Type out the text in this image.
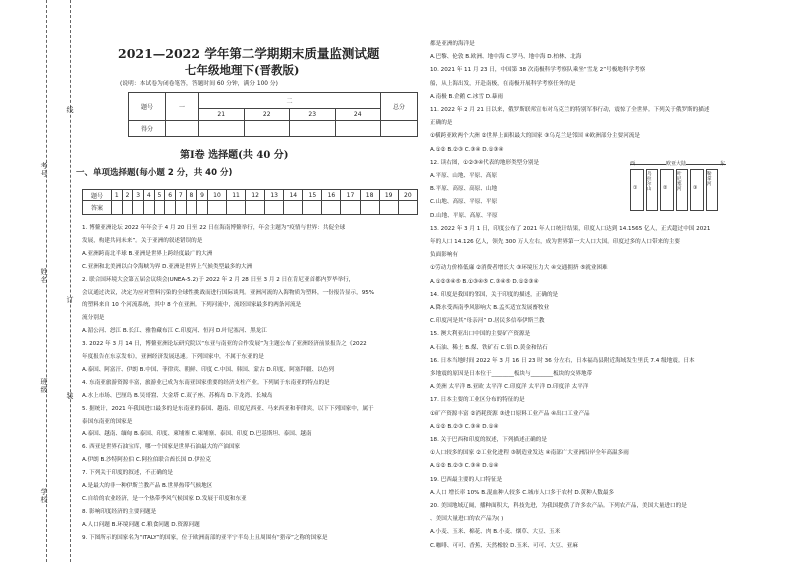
考号
姓名
班级
学校
线
订
装
2021—2022 学年第二学期期末质量监测试题
七年级地理下(晋教版)
(说明：本试卷为闭卷笔答，答题时间 60 分钟，满分 100 分)
题号	一	二				总分
		21	22	23	24	
得分						
第Ⅰ卷 选择题(共 40 分)
一、单项选择题(每小题 2 分，共 40 分)
题号	1	2	3	4	5	6	7	8	9	10	11	12	13	14	15	16	17	18	19	20
答案																				
1. 博鳌亚洲论坛 2022 年年会于 4 月 20 日至 22 日在海南博鳌举行，年会主题为“疫情与世界：共促全球
发展，构建共同未来”。关于亚洲的叙述错误的是
A.亚洲跨南北半球 B.亚洲是世界上跨经度最广的大洲
C.亚洲和北美洲以白令海峡为界 D.亚洲是世界上气候类型最多的大洲
2. 联合国环境大会第五届会议续会(UNEA-5.2)于 2022 年 2 月 28 日至 3 月 2 日在肯尼亚首都内罗毕举行，
会议通过决议，决定为应对塑料污染的全球性挑战而进行国际谈判。亚洲河流的入海物质为塑料，一份报告显示，95%
的塑料来自 10 个河流系统，其中 8 个在亚洲。下列河流中，流经国家最多的两条河流是
流分别是
A.湄公河、怒江 B.长江、雅鲁藏布江 C.印度河、恒河 D.叶尼塞河、黑龙江
3. 2022 年 3 月 14 日，博鳌亚洲论坛研究院以“东亚与南亚的合作发展”为主题公布了亚洲经济前景报告之《2022
年度报告在东京发布》，亚洲经济发展迅速。下列国家中，不属于东亚的是
A.泰国、阿富汗、伊朗 B.中国、菲律宾、朝鲜、印度 C.中国、韩国、蒙古 D.印度、阿塞拜疆、以色列
4. 东南亚旅游资源丰富，旅游业已成为东南亚国家重要的经济支柱产业。下列属于东南亚的特点的是
A.水上市场、巴厘岛 B.吴哥窟、大金塔 C.双子座、苏梅岛 D.下龙湾、长城岛
5. 据统计，2021 年我国进口最多的是东南亚的泰国、越南、印度尼西亚、马来西亚和菲律宾，以下下列国家中，属于
泰国东南亚的国家是
A.泰国、越南、缅甸 B.泰国、印度、柬埔寨 C.柬埔寨、泰国、印度 D.巴基斯坦、泰国、越南
6. 西亚是世界石油宝库，哪一个国家是世界石油最大的产油国家
A.伊朗 B.沙特阿拉伯 C.阿拉伯联合酋长国 D.伊拉克
7. 下列关于印度的叙述，不正确的是
A.是最大的非一种伊斯兰教产品 B.世界热带气候地区
C.自给的农业经济，是一个热带季风气候国家 D.发展于印度和东亚
8. 影响印度经济的主要问题是
A.人口问题 B.环境问题 C.粮食问题 D.资源问题
9. 下图所示的国家名为“ITALY”的国家，位于欧洲南部的亚平宁半岛上且周围有“猎帝”之称的国家是
都是亚洲的海洋是
A.巴黎、伦敦 B.欧洲、地中海 C.罗马、地中海 D.柏林、北海
10. 2021 年 11 月 23 日，中国第 38 次南极科学考察队乘坐“雪龙 2”号极地科学考察
船，从上海出发，开赴南极，在南极开展科学考察任务的是
A.南极 B.企鹅 C.冰雪 D.暴雨
11. 2022 年 2 月 21 日以来，俄罗斯联邦宣布对乌克兰的特别军事行动，震惊了全世界。下列关于俄罗斯的描述
正确的是
①横跨亚欧两个大洲 ②世界上面积最大的国家 ③乌克兰是邻国 ④欧洲部分主要河流是
A.①② B.②③ C.③④ D.①③④
12. 读右图，①②③④代表的地形类型分别是
A.平原、山地、平原、高原
B.平原、高原、高原、山地
C.山地、高原、平原、平原
D.山地、平原、高原、平原
13. 2022 年 3 月 1 日，印度公布了 2021 年人口统计结果，印度人口达到 14.1565 亿人，正式超过中国 2021
年的人口 14.126 亿人，领先 300 万人左右，成为世界第一大人口大国。印度过多的人口带来的主要
负面影响有
①劳动力价格低廉 ②消费者增长大 ③环境压力大 ④交通拥挤 ⑤就业困难
A.①②③④⑤ B.①③④⑤ C.③④⑤ D.①②③④
14. 印度是我国的邻国，关于印度的描述，正确的是
A.降水受西南季风影响大 B.孟买适宜发展畜牧业
C.印度河是其“母亲河” D.居民多信奉伊斯兰教
15. 澳大利亚出口中国的主要矿产资源是
A.石油、稀土 B.煤、铁矿石 C.铝 D.黄金和钻石
16. 日本当地时间 2022 年 3 月 16 日 23 时 36 分左右，日本福岛县附近海域发生里氏 7.4 级地震。日本
多地震的原因是日本位于________板块与________板块的交界地带
A.美洲 太平洋 B.亚欧 太平洋 C.印度洋 太平洋 D.印度洋 太平洋
17. 日本主要的工业区分布的特征的是
①矿产资源丰富 ②消耗资源 ③进口原料工业产品 ④出口工业产品
A.①② B.②③ C.③④ D.①④
18. 关于巴西和印度的叙述，下列描述正确的是
①人口较多的国家 ②工业化进程 ③制造业发达 ④南部广大亚洲沿岸全年高温多雨
A.①② B.②③ C.③④ D.①④
19. 巴西最主要的人口特征是
A.人口 增长率 10% B.混血种人较多 C.城市人口多于农村 D.黄种人数最多
20. 美国地域辽阔，播种面积大，科技先进，为我国提供了许多农产品。下列农产品，美国大量进口的是
、美国大量进口的农产品为( )
A.小麦、玉米、棉花、肉 B.小麦、烟草、大豆、玉米
C.咖啡、可可、香蕉、天然橡胶 D.玉米、可可、大豆、亚麻
西	欧亚大陆	东
①
乌拉尔山	②
叶尼塞河	③
勒拿河
